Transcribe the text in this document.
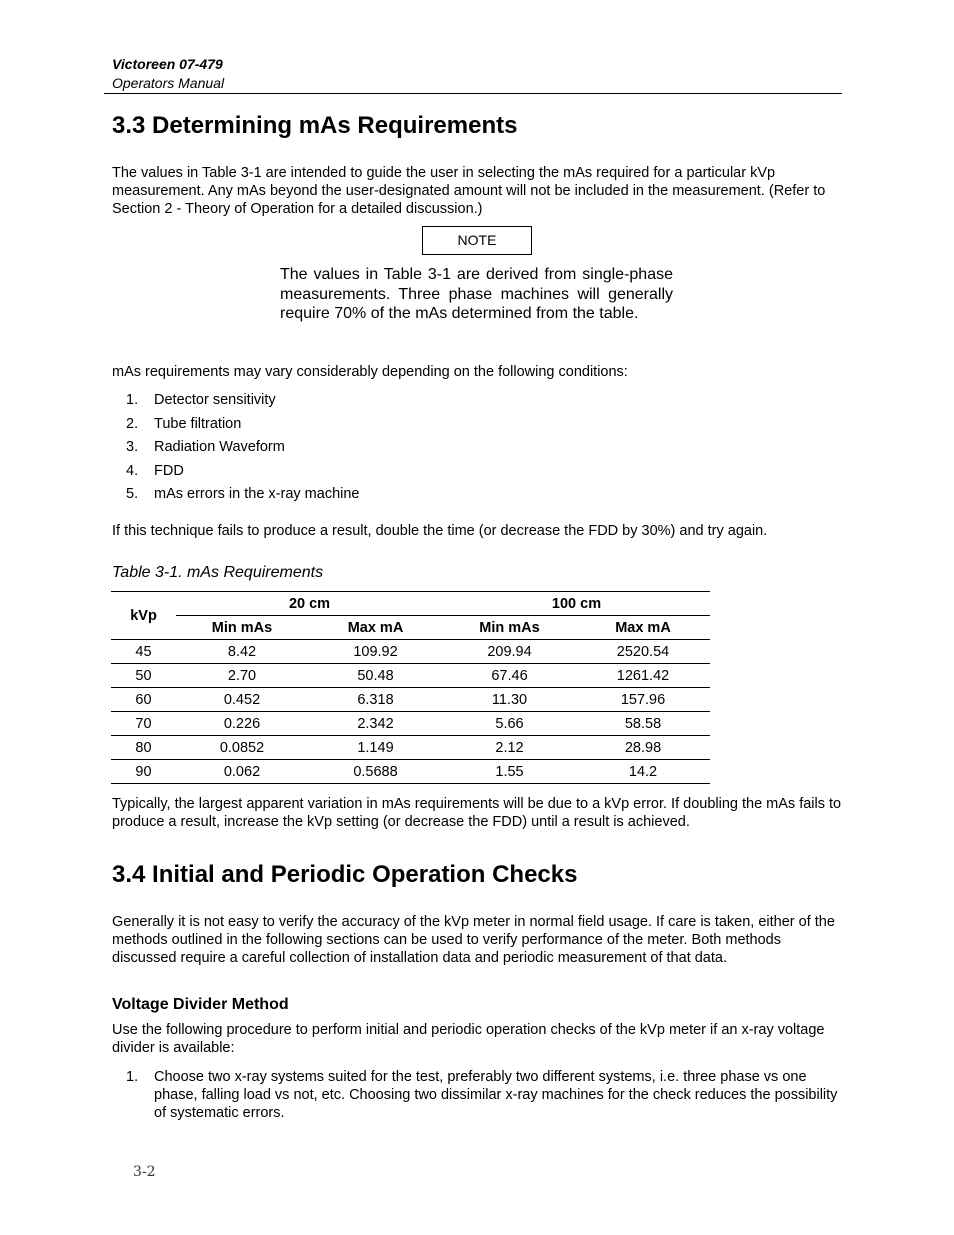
Victoreen 07-479
Operators Manual
3.3 Determining mAs Requirements

The values in Table 3-1 are intended to guide the user in selecting the mAs required for a particular kVp measurement. Any mAs beyond the user-designated amount will not be included in the measurement. (Refer to Section 2 - Theory of Operation for a detailed discussion.)

NOTE

The values in Table 3-1 are derived from single-phase measurements. Three phase machines will generally require 70% of the mAs determined from the table.

mAs requirements may vary considerably depending on the following conditions:

1. Detector sensitivity
2. Tube filtration
3. Radiation Waveform
4. FDD
5. mAs errors in the x-ray machine

If this technique fails to produce a result, double the time (or decrease the FDD by 30%) and try again.

Table 3-1. mAs Requirements
kVp	20 cm		100 cm	
	Min mAs	Max mA	Min mAs	Max mA
45	8.42	109.92	209.94	2520.54
50	2.70	50.48	67.46	1261.42
60	0.452	6.318	11.30	157.96
70	0.226	2.342	5.66	58.58
80	0.0852	1.149	2.12	28.98
90	0.062	0.5688	1.55	14.2

Typically, the largest apparent variation in mAs requirements will be due to a kVp error. If doubling the mAs fails to produce a result, increase the kVp setting (or decrease the FDD) until a result is achieved.

3.4 Initial and Periodic Operation Checks

Generally it is not easy to verify the accuracy of the kVp meter in normal field usage. If care is taken, either of the methods outlined in the following sections can be used to verify performance of the meter. Both methods discussed require a careful collection of installation data and periodic measurement of that data.

Voltage Divider Method

Use the following procedure to perform initial and periodic operation checks of the kVp meter if an x-ray voltage divider is available:

1. Choose two x-ray systems suited for the test, preferably two different systems, i.e. three phase vs one phase, falling load vs not, etc. Choosing two dissimilar x-ray machines for the check reduces the possibility of systematic errors.
3-2
